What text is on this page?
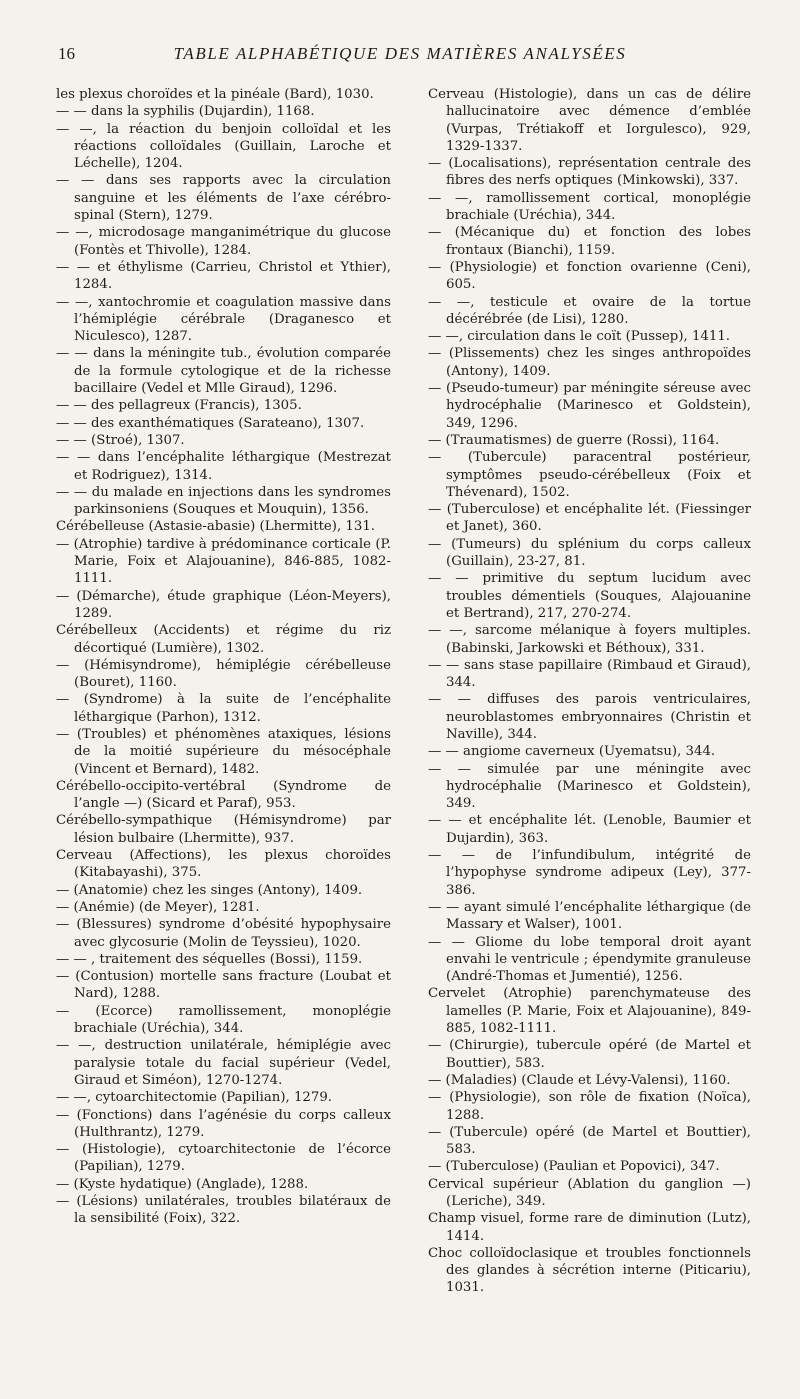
16	TABLE ALPHABÉTIQUE DES MATIÈRES ANALYSÉES

les plexus choroïdes et la pinéale (Bard), 1030.

— — dans la syphilis (Dujardin), 1168.

— —, la réaction du benjoin colloïdal et les réactions colloïdales (Guillain, Laroche et Léchelle), 1204.

— — dans ses rapports avec la circulation sanguine et les éléments de l’axe cérébro-spinal (Stern), 1279.

— —, microdosage manganimétrique du glucose (Fontès et Thivolle), 1284.

— — et éthylisme (Carrieu, Christol et Ythier), 1284.

— —, xantochromie et coagulation massive dans l’hémiplégie cérébrale (Draganesco et Niculesco), 1287.

— — dans la méningite tub., évolution comparée de la formule cytologique et de la richesse bacillaire (Vedel et Mlle Giraud), 1296.

— — des pellagreux (Francis), 1305.

— — des exanthématiques (Sarateano), 1307.

— — (Stroé), 1307.

— — dans l’encéphalite léthargique (Mestrezat et Rodriguez), 1314.

— — du malade en injections dans les syndromes parkinsoniens (Souques et Mouquin), 1356.

Cérébelleuse (Astasie-abasie) (Lhermitte), 131.

— (Atrophie) tardive à prédominance corticale (P. Marie, Foix et Alajouanine), 846-885, 1082-1111.

— (Démarche), étude graphique (Léon-Meyers), 1289.

Cérébelleux (Accidents) et régime du riz décortiqué (Lumière), 1302.

— (Hémisyndrome), hémiplégie cérébelleuse (Bouret), 1160.

— (Syndrome) à la suite de l’encéphalite léthargique (Parhon), 1312.

— (Troubles) et phénomènes ataxiques, lésions de la moitié supérieure du mésocéphale (Vincent et Bernard), 1482.

Cérébello-occipito-vertébral (Syndrome de l’angle —) (Sicard et Paraf), 953.

Cérébello-sympathique (Hémisyndrome) par lésion bulbaire (Lhermitte), 937.

Cerveau (Affections), les plexus choroïdes (Kitabayashi), 375.

— (Anatomie) chez les singes (Antony), 1409.

— (Anémie) (de Meyer), 1281.

— (Blessures) syndrome d’obésité hypophysaire avec glycosurie (Molin de Teyssieu), 1020.

— — , traitement des séquelles (Bossi), 1159.

— (Contusion) mortelle sans fracture (Loubat et Nard), 1288.

— (Ecorce) ramollissement, monoplégie brachiale (Uréchia), 344.

— —, destruction unilatérale, hémiplégie avec paralysie totale du facial supérieur (Vedel, Giraud et Siméon), 1270-1274.

— —, cytoarchitectomie (Papilian), 1279.

— (Fonctions) dans l’agénésie du corps calleux (Hulthrantz), 1279.

— (Histologie), cytoarchitectonie de l’écorce (Papilian), 1279.

— (Kyste hydatique) (Anglade), 1288.

— (Lésions) unilatérales, troubles bilatéraux de la sensibilité (Foix), 322.

Cerveau (Histologie), dans un cas de délire hallucinatoire avec démence d’emblée (Vurpas, Trétiakoff et Iorgulesco), 929, 1329-1337.

— (Localisations), représentation centrale des fibres des nerfs optiques (Minkowski), 337.

— —, ramollissement cortical, monoplégie brachiale (Uréchia), 344.

— (Mécanique du) et fonction des lobes frontaux (Bianchi), 1159.

— (Physiologie) et fonction ovarienne (Ceni), 605.

— —, testicule et ovaire de la tortue décérébrée (de Lisi), 1280.

— —, circulation dans le coït (Pussep), 1411.

— (Plissements) chez les singes anthropoïdes (Antony), 1409.

— (Pseudo-tumeur) par méningite séreuse avec hydrocéphalie (Marinesco et Goldstein), 349, 1296.

— (Traumatismes) de guerre (Rossi), 1164.

— (Tubercule) paracentral postérieur, symptômes pseudo-cérébelleux (Foix et Thévenard), 1502.

— (Tuberculose) et encéphalite lét. (Fiessinger et Janet), 360.

— (Tumeurs) du splénium du corps calleux (Guillain), 23-27, 81.

— — primitive du septum lucidum avec troubles démentiels (Souques, Alajouanine et Bertrand), 217, 270-274.

— —, sarcome mélanique à foyers multiples. (Babinski, Jarkowski et Béthoux), 331.

— — sans stase papillaire (Rimbaud et Giraud), 344.

— — diffuses des parois ventriculaires, neuroblastomes embryonnaires (Christin et Naville), 344.

— — angiome caverneux (Uyematsu), 344.

— — simulée par une méningite avec hydrocéphalie (Marinesco et Goldstein), 349.

— — et encéphalite lét. (Lenoble, Baumier et Dujardin), 363.

— — de l’infundibulum, intégrité de l’hypophyse syndrome adipeux (Ley), 377-386.

— — ayant simulé l’encéphalite léthargique (de Massary et Walser), 1001.

— — Gliome du lobe temporal droit ayant envahi le ventricule ; épendymite granuleuse (André-Thomas et Jumentié), 1256.

Cervelet (Atrophie) parenchymateuse des lamelles (P. Marie, Foix et Alajouanine), 849-885, 1082-1111.

— (Chirurgie), tubercule opéré (de Martel et Bouttier), 583.

— (Maladies) (Claude et Lévy-Valensi), 1160.

— (Physiologie), son rôle de fixation (Noïca), 1288.

— (Tubercule) opéré (de Martel et Bouttier), 583.

— (Tuberculose) (Paulian et Popovici), 347.

Cervical supérieur (Ablation du ganglion —) (Leriche), 349.

Champ visuel, forme rare de diminution (Lutz), 1414.

Choc colloïdoclasique et troubles fonctionnels des glandes à sécrétion interne (Piticariu), 1031.
